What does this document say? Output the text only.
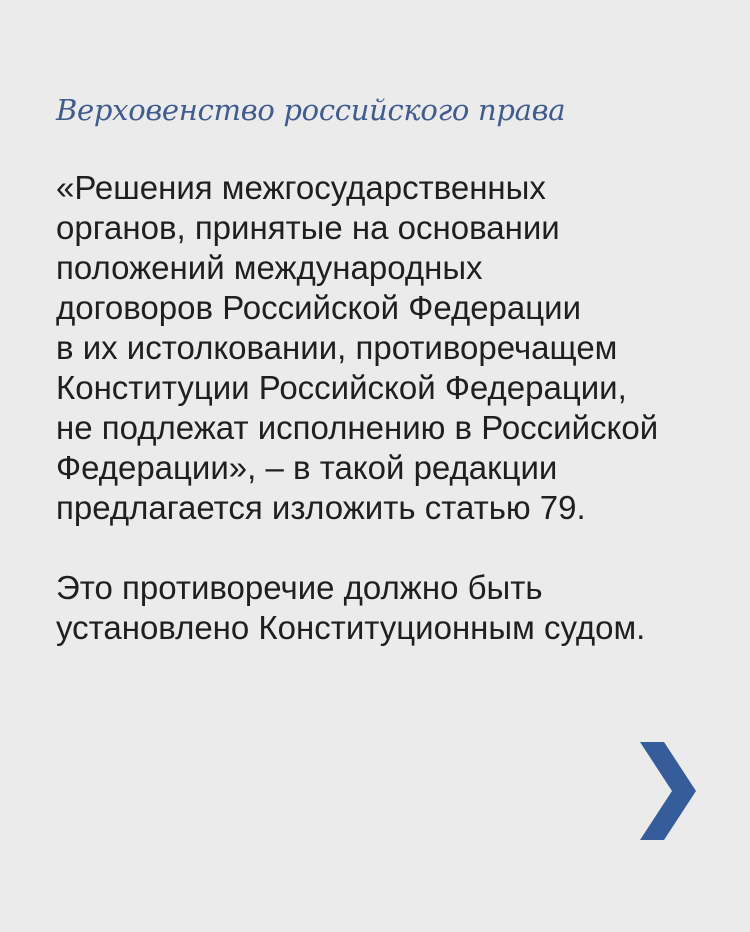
Верховенство российского права
«Решения межгосударственных
органов, принятые на основании
положений международных
договоров Российской Федерации
в их истолковании, противоречащем
Конституции Российской Федерации,
не подлежат исполнению в Российской
Федерации», – в такой редакции
предлагается изложить статью 79.
Это противоречие должно быть
установлено Конституционным судом.
